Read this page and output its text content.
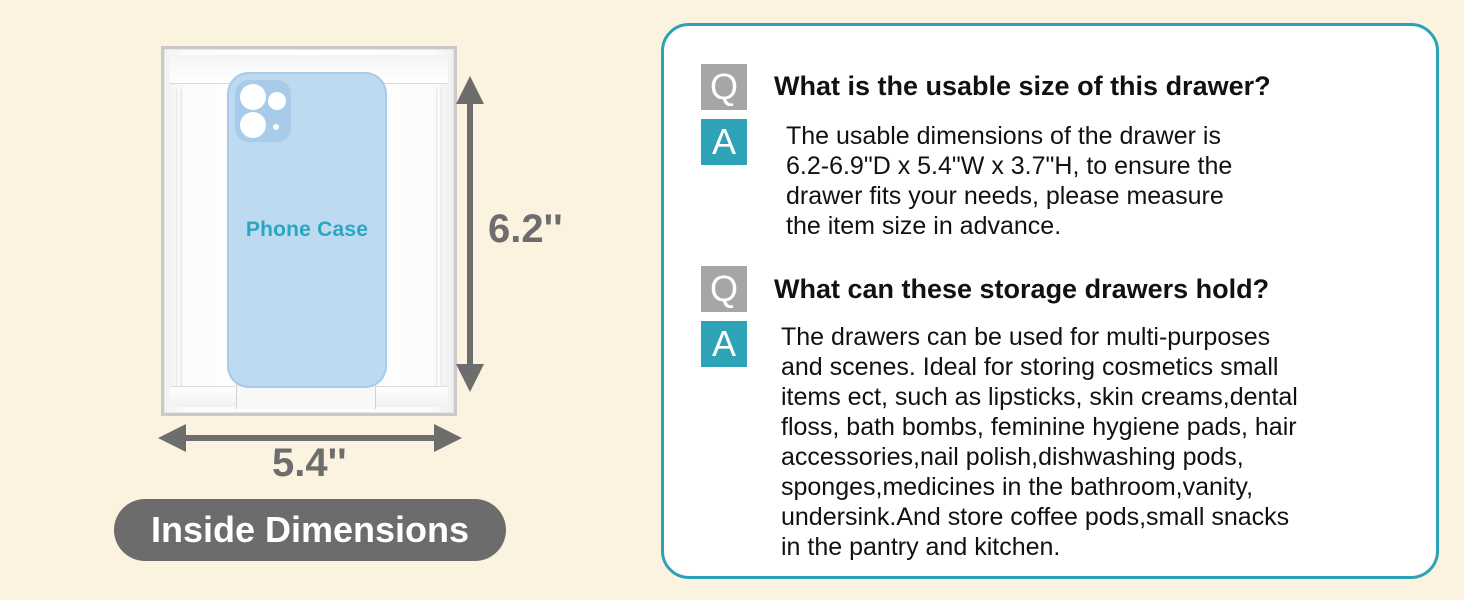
Phone Case	6.2''
5.4''
Inside Dimensions
Q	What is the usable size of this drawer?
A	The usable dimensions of the drawer is
6.2-6.9"D x 5.4"W x 3.7"H, to ensure the
drawer fits your needs, please measure
the item size in advance.
Q	What can these storage drawers hold?
A	The drawers can be used for multi-purposes
and scenes. Ideal for storing cosmetics small
items ect, such as lipsticks, skin creams,dental
floss, bath bombs, feminine hygiene pads, hair
accessories,nail polish,dishwashing pods,
sponges,medicines in the bathroom,vanity,
undersink.And store coffee pods,small snacks
in the pantry and kitchen.
